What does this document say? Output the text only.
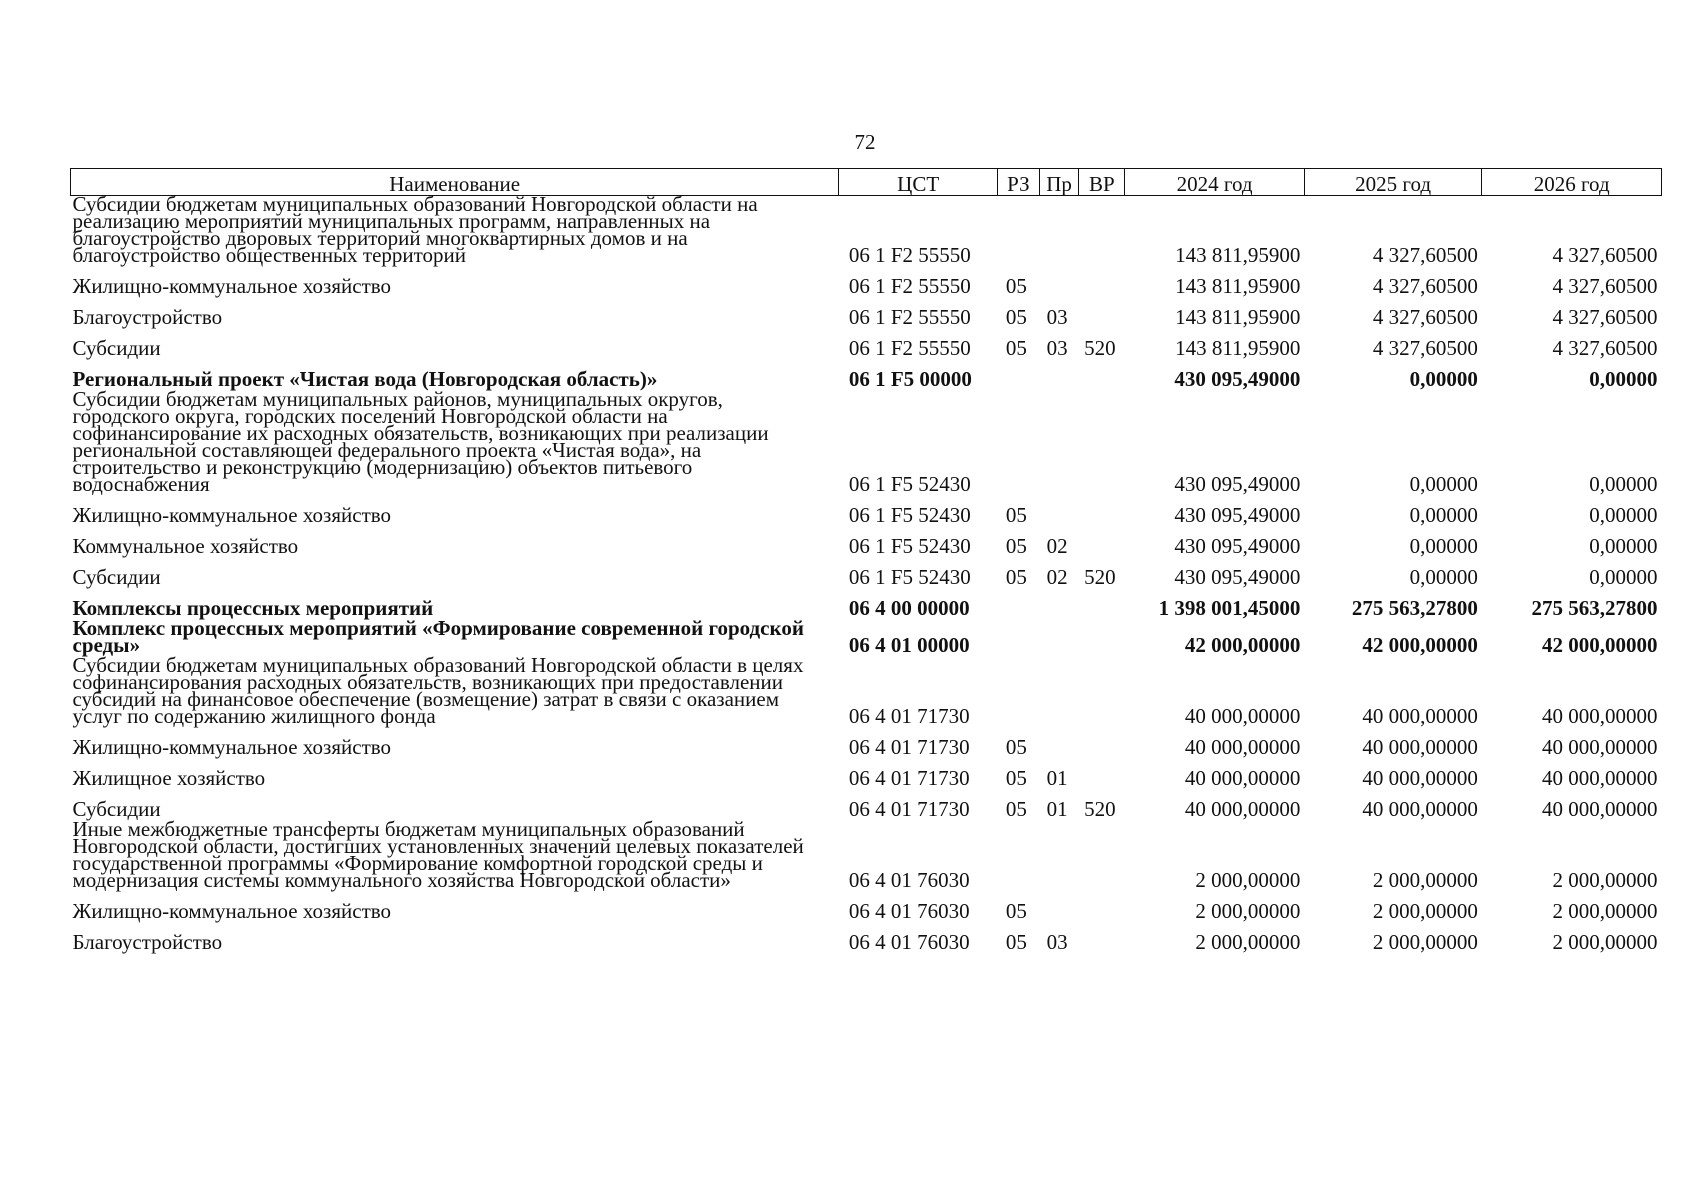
72
Наименование	ЦСТ	РЗ	Пр	ВР	2024 год	2025 год	2026 год
Субсидии бюджетам муниципальных образований Новгородской области на реализацию мероприятий муниципальных программ, направленных на благоустройство дворовых территорий многоквартирных домов и на благоустройство общественных территорий	06 1 F2 55550				143 811,95900	4 327,60500	4 327,60500
Жилищно-коммунальное хозяйство	06 1 F2 55550	05			143 811,95900	4 327,60500	4 327,60500
Благоустройство	06 1 F2 55550	05	03		143 811,95900	4 327,60500	4 327,60500
Субсидии	06 1 F2 55550	05	03	520	143 811,95900	4 327,60500	4 327,60500
Региональный проект «Чистая вода (Новгородская область)»	06 1 F5 00000				430 095,49000	0,00000	0,00000
Субсидии бюджетам муниципальных районов, муниципальных округов, городского округа, городских поселений Новгородской области на софинансирование их расходных обязательств, возникающих при реализации региональной составляющей федерального проекта «Чистая вода», на строительство и реконструкцию (модернизацию) объектов питьевого водоснабжения	06 1 F5 52430				430 095,49000	0,00000	0,00000
Жилищно-коммунальное хозяйство	06 1 F5 52430	05			430 095,49000	0,00000	0,00000
Коммунальное хозяйство	06 1 F5 52430	05	02		430 095,49000	0,00000	0,00000
Субсидии	06 1 F5 52430	05	02	520	430 095,49000	0,00000	0,00000
Комплексы процессных мероприятий	06 4 00 00000				1 398 001,45000	275 563,27800	275 563,27800
Комплекс процессных мероприятий «Формирование современной городской среды»	06 4 01 00000				42 000,00000	42 000,00000	42 000,00000
Субсидии бюджетам муниципальных образований Новгородской области в целях софинансирования расходных обязательств, возникающих при предоставлении субсидий на финансовое обеспечение (возмещение) затрат в связи с оказанием услуг по содержанию жилищного фонда	06 4 01 71730				40 000,00000	40 000,00000	40 000,00000
Жилищно-коммунальное хозяйство	06 4 01 71730	05			40 000,00000	40 000,00000	40 000,00000
Жилищное хозяйство	06 4 01 71730	05	01		40 000,00000	40 000,00000	40 000,00000
Субсидии	06 4 01 71730	05	01	520	40 000,00000	40 000,00000	40 000,00000
Иные межбюджетные трансферты бюджетам муниципальных образований Новгородской области, достигших установленных значений целевых показателей государственной программы «Формирование комфортной городской среды и модернизация системы коммунального хозяйства Новгородской области»	06 4 01 76030				2 000,00000	2 000,00000	2 000,00000
Жилищно-коммунальное хозяйство	06 4 01 76030	05			2 000,00000	2 000,00000	2 000,00000
Благоустройство	06 4 01 76030	05	03		2 000,00000	2 000,00000	2 000,00000
